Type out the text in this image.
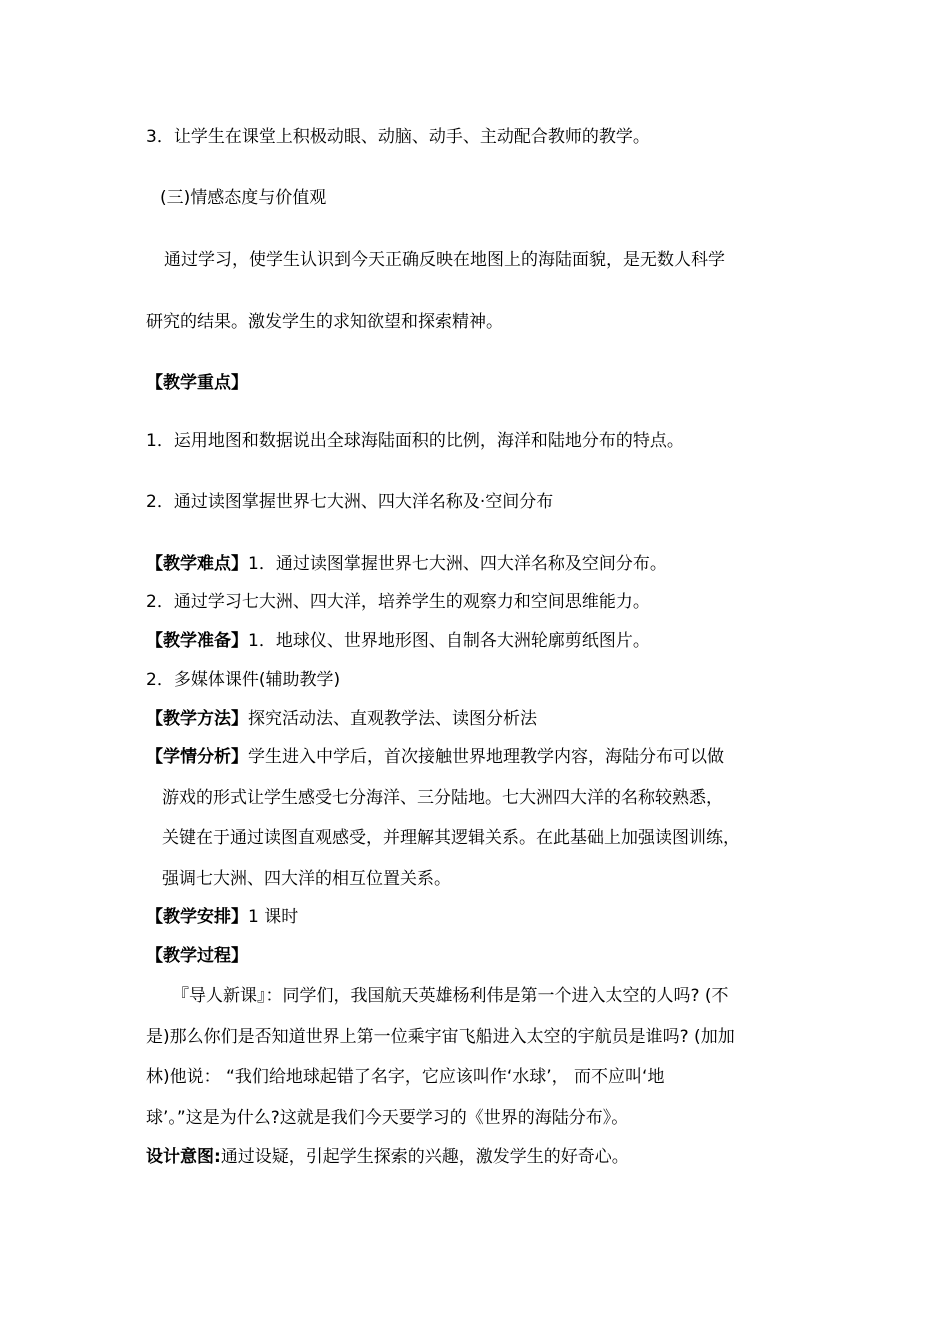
3．让学生在课堂上积极动眼、动脑、动手、主动配合教师的教学。
(三)情感态度与价值观
通过学习，使学生认识到今天正确反映在地图上的海陆面貌，是无数人科学
研究的结果。激发学生的求知欲望和探索精神。
【教学重点】
1．运用地图和数据说出全球海陆面积的比例，海洋和陆地分布的特点。
2．通过读图掌握世界七大洲、四大洋名称及·空间分布
【教学难点】1．通过读图掌握世界七大洲、四大洋名称及空间分布。
2．通过学习七大洲、四大洋，培养学生的观察力和空间思维能力。
【教学准备】1．地球仪、世界地形图、自制各大洲轮廓剪纸图片。
2．多媒体课件(辅助教学)
【教学方法】探究活动法、直观教学法、读图分析法
【学情分析】学生进入中学后，首次接触世界地理教学内容，海陆分布可以做
游戏的形式让学生感受七分海洋、三分陆地。七大洲四大洋的名称较熟悉，
关键在于通过读图直观感受，并理解其逻辑关系。在此基础上加强读图训练，
强调七大洲、四大洋的相互位置关系。
【教学安排】1 课时
【教学过程】
『导人新课』：同学们，我国航天英雄杨利伟是第一个进入太空的人吗? (不
是)那么你们是否知道世界上第一位乘宇宙飞船进入太空的宇航员是谁吗? (加加
林)他说： “我们给地球起错了名字，它应该叫作‘水球’， 而不应叫‘地
球’。”这是为什么?这就是我们今天要学习的《世界的海陆分布》。
设计意图:通过设疑，引起学生探索的兴趣，激发学生的好奇心。
